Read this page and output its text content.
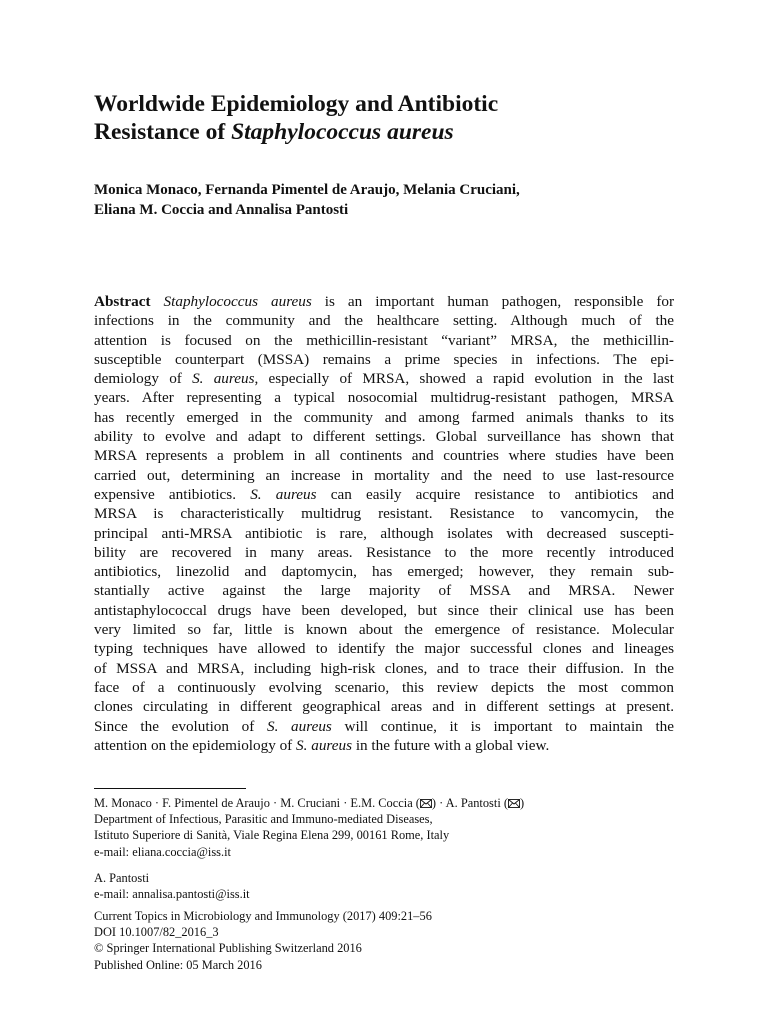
Worldwide Epidemiology and Antibiotic
Resistance of Staphylococcus aureus
Monica Monaco, Fernanda Pimentel de Araujo, Melania Cruciani,
Eliana M. Coccia and Annalisa Pantosti
Abstract Staphylococcus aureus is an important human pathogen, responsible for
infections in the community and the healthcare setting. Although much of the
attention is focused on the methicillin-resistant “variant” MRSA, the methicillin-
susceptible counterpart (MSSA) remains a prime species in infections. The epi-
demiology of S. aureus, especially of MRSA, showed a rapid evolution in the last
years. After representing a typical nosocomial multidrug-resistant pathogen, MRSA
has recently emerged in the community and among farmed animals thanks to its
ability to evolve and adapt to different settings. Global surveillance has shown that
MRSA represents a problem in all continents and countries where studies have been
carried out, determining an increase in mortality and the need to use last-resource
expensive antibiotics. S. aureus can easily acquire resistance to antibiotics and
MRSA is characteristically multidrug resistant. Resistance to vancomycin, the
principal anti-MRSA antibiotic is rare, although isolates with decreased suscepti-
bility are recovered in many areas. Resistance to the more recently introduced
antibiotics, linezolid and daptomycin, has emerged; however, they remain sub-
stantially active against the large majority of MSSA and MRSA. Newer
antistaphylococcal drugs have been developed, but since their clinical use has been
very limited so far, little is known about the emergence of resistance. Molecular
typing techniques have allowed to identify the major successful clones and lineages
of MSSA and MRSA, including high-risk clones, and to trace their diffusion. In the
face of a continuously evolving scenario, this review depicts the most common
clones circulating in different geographical areas and in different settings at present.
Since the evolution of S. aureus will continue, it is important to maintain the
attention on the epidemiology of S. aureus in the future with a global view.
M. Monaco · F. Pimentel de Araujo · M. Cruciani · E.M. Coccia ( ) · A. Pantosti ( )
Department of Infectious, Parasitic and Immuno-mediated Diseases,
Istituto Superiore di Sanità, Viale Regina Elena 299, 00161 Rome, Italy
e-mail: eliana.coccia@iss.it
A. Pantosti
e-mail: annalisa.pantosti@iss.it
Current Topics in Microbiology and Immunology (2017) 409:21–56
DOI 10.1007/82_2016_3
© Springer International Publishing Switzerland 2016
Published Online: 05 March 2016
